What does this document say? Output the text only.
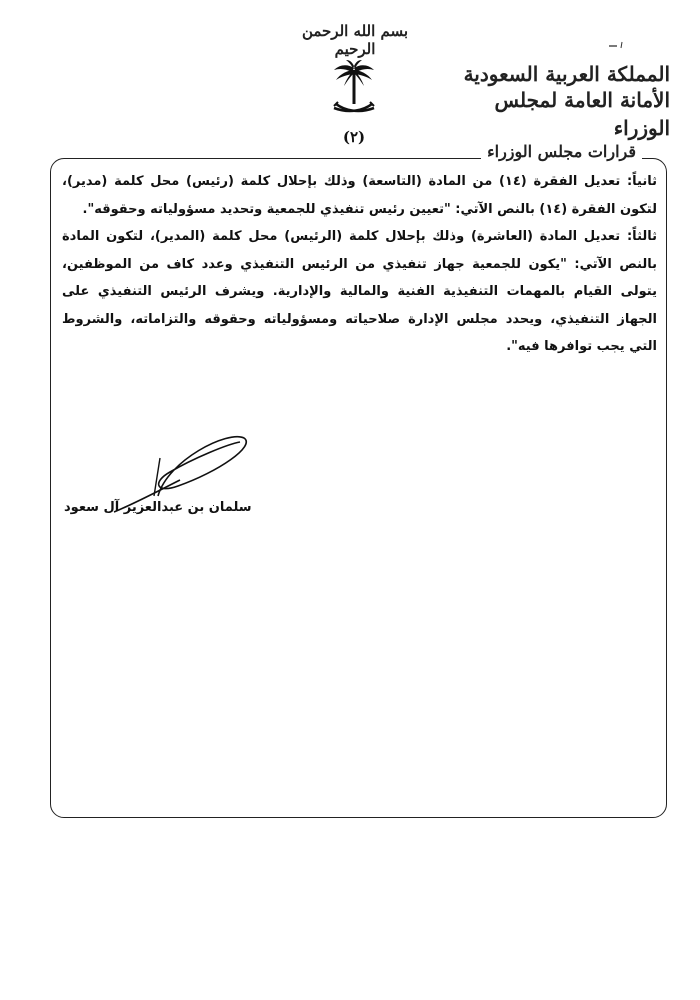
بسم الله الرحمن الرحيم
(٢)
المملكة العربية السعودية
الأمانة العامة لمجلس الوزراء
قرارات مجلس الوزراء

ثانياً: تعديل الفقرة (١٤) من المادة (التاسعة) وذلك بإحلال كلمة (رئيس) محل كلمة (مدير)، لتكون الفقرة (١٤) بالنص الآتي: "تعيين رئيس تنفيذي للجمعية وتحديد مسؤولياته وحقوقه".

ثالثاً: تعديل المادة (العاشرة) وذلك بإحلال كلمة (الرئيس) محل كلمة (المدير)، لتكون المادة بالنص الآتي: "يكون للجمعية جهاز تنفيذي من الرئيس التنفيذي وعدد كاف من الموظفين، يتولى القيام بالمهمات التنفيذية الفنية والمالية والإدارية. ويشرف الرئيس التنفيذي على الجهاز التنفيذي، ويحدد مجلس الإدارة صلاحياته ومسؤولياته وحقوقه والتزاماته، والشروط التي يجب توافرها فيه".

سلمان بن عبدالعزيز آل سعود
